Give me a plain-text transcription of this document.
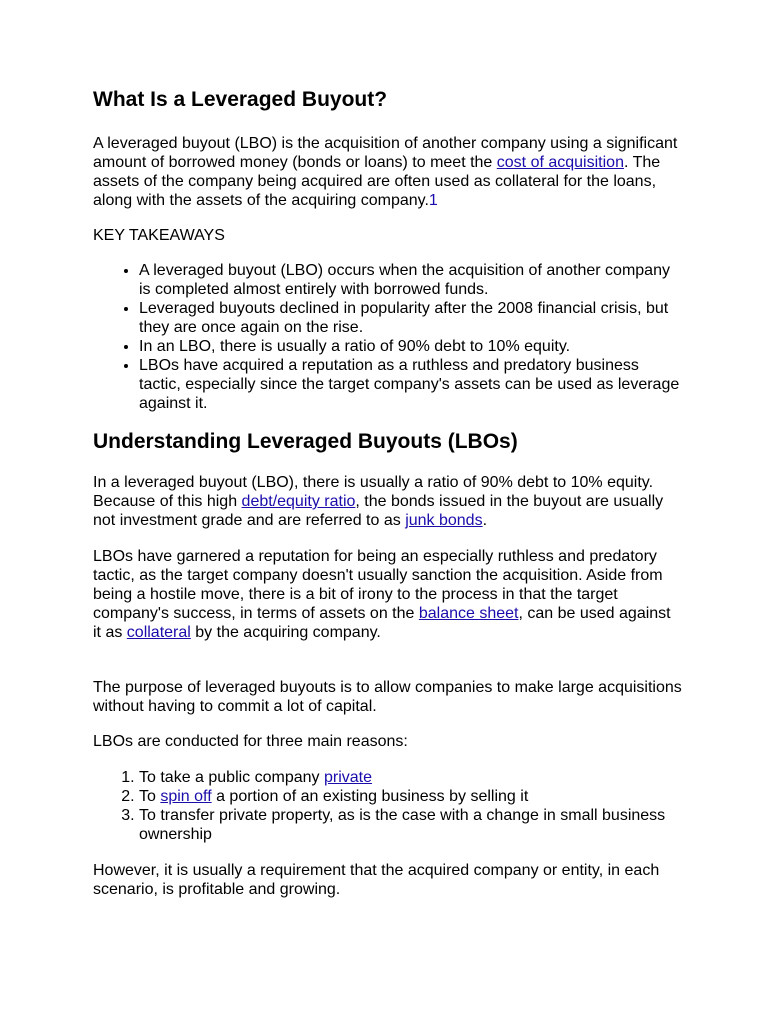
What Is a Leveraged Buyout?

A leveraged buyout (LBO) is the acquisition of another company using a significant amount of borrowed money (bonds or loans) to meet the cost of acquisition. The assets of the company being acquired are often used as collateral for the loans, along with the assets of the acquiring company.1

KEY TAKEAWAYS

• A leveraged buyout (LBO) occurs when the acquisition of another company is completed almost entirely with borrowed funds.
• Leveraged buyouts declined in popularity after the 2008 financial crisis, but they are once again on the rise.
• In an LBO, there is usually a ratio of 90% debt to 10% equity.
• LBOs have acquired a reputation as a ruthless and predatory business tactic, especially since the target company's assets can be used as leverage against it.
Understanding Leveraged Buyouts (LBOs)

In a leveraged buyout (LBO), there is usually a ratio of 90% debt to 10% equity. Because of this high debt/equity ratio, the bonds issued in the buyout are usually not investment grade and are referred to as junk bonds.

LBOs have garnered a reputation for being an especially ruthless and predatory tactic, as the target company doesn't usually sanction the acquisition. Aside from being a hostile move, there is a bit of irony to the process in that the target company's success, in terms of assets on the balance sheet, can be used against it as collateral by the acquiring company.

The purpose of leveraged buyouts is to allow companies to make large acquisitions without having to commit a lot of capital.

LBOs are conducted for three main reasons:

1. To take a public company private
2. To spin off a portion of an existing business by selling it
3. To transfer private property, as is the case with a change in small business ownership

However, it is usually a requirement that the acquired company or entity, in each scenario, is profitable and growing.
